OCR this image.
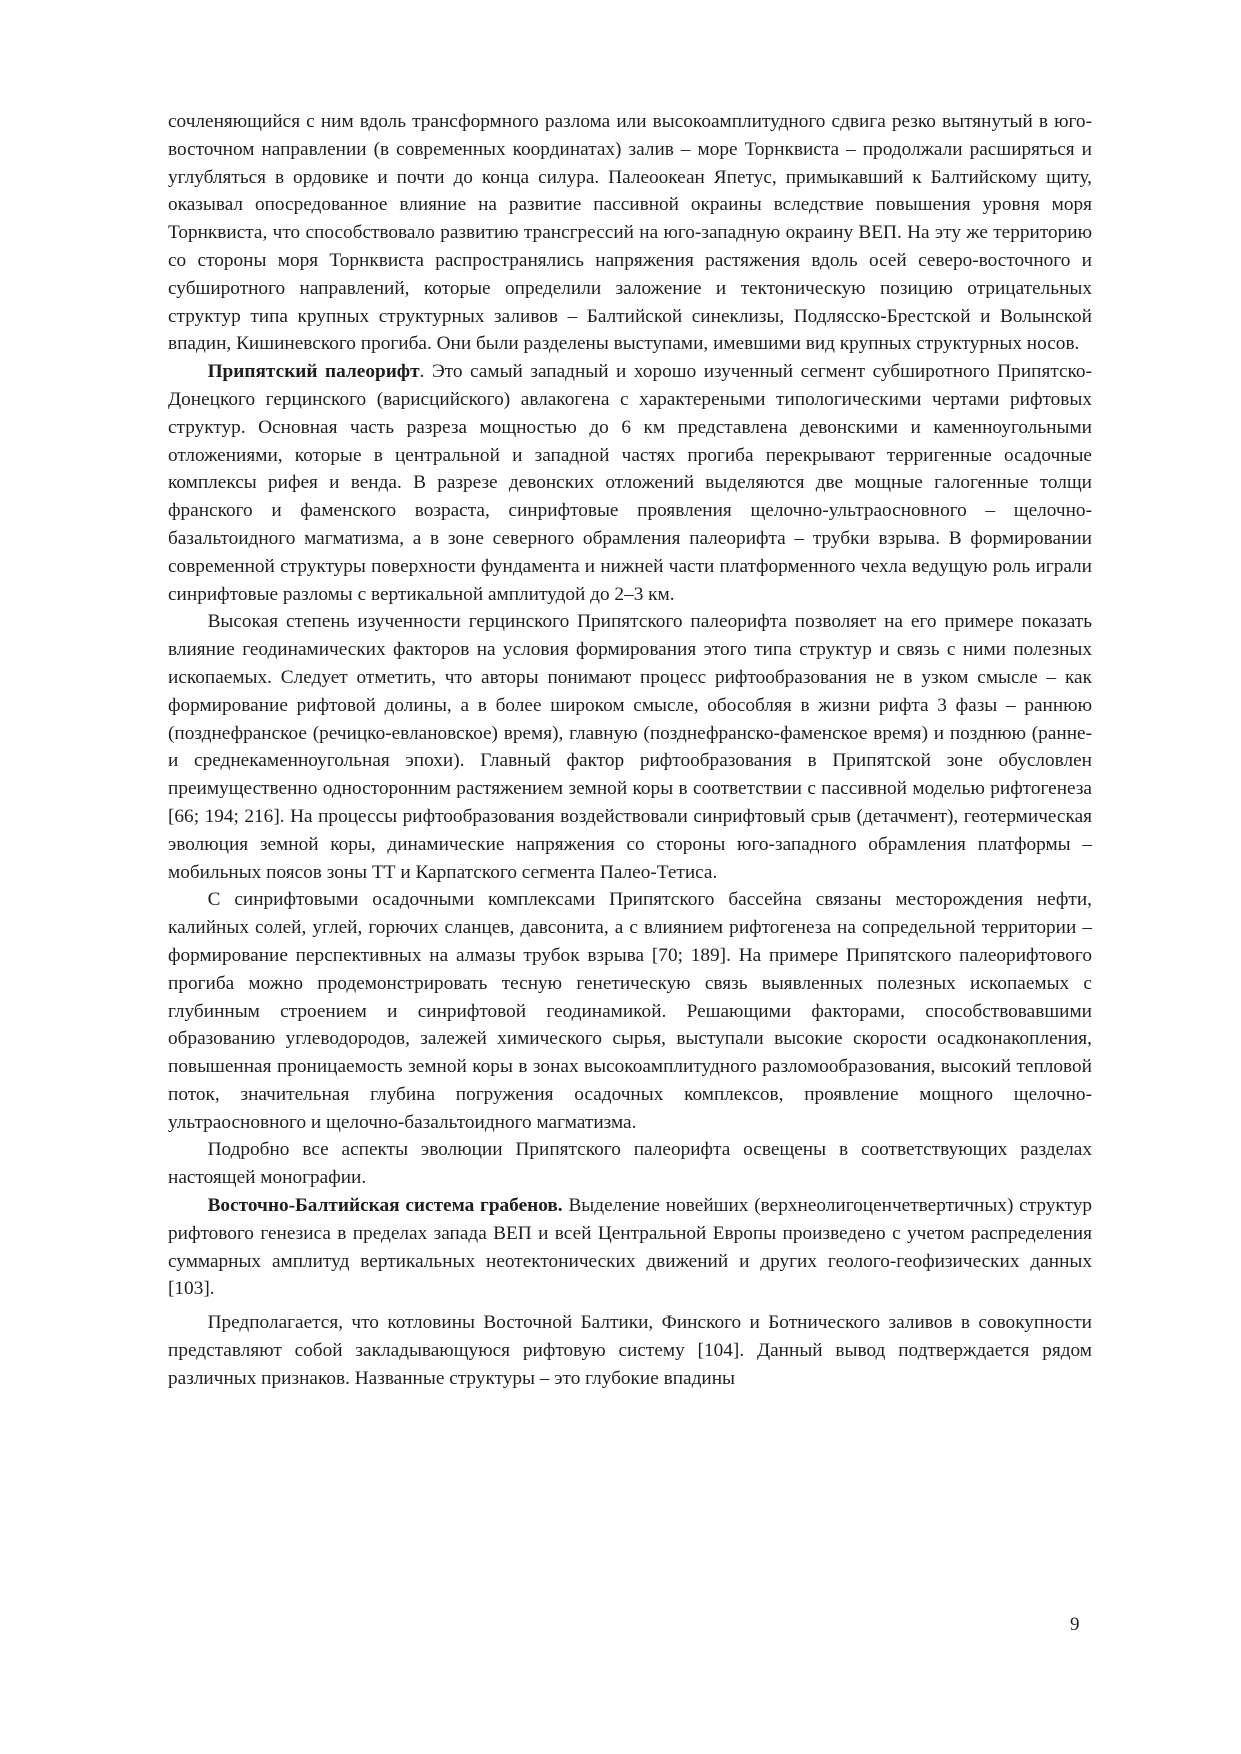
сочленяющийся с ним вдоль трансформного разлома или высокоамплитудного сдвига резко вытянутый в юго-восточном направлении (в современных координатах) залив – море Торнквиста – продолжали расширяться и углубляться в ордовике и почти до конца силура. Палеоокеан Япетус, примыкавший к Балтийскому щиту, оказывал опосредованное влияние на развитие пассивной окраины вследствие повышения уровня моря Торнквиста, что способствовало развитию трансгрессий на юго-западную окраину ВЕП. На эту же территорию со стороны моря Торнквиста распространялись напряжения растяжения вдоль осей северо-восточного и субширотного направлений, которые определили заложение и тектоническую позицию отрицательных структур типа крупных структурных заливов – Балтийской синеклизы, Подлясско-Брестской и Волынской впадин, Кишиневского прогиба. Они были разделены выступами, имевшими вид крупных структурных носов.

Припятский палеорифт. Это самый западный и хорошо изученный сегмент субширотного Припятско-Донецкого герцинского (варисцийского) авлакогена с характереными типологическими чертами рифтовых структур. Основная часть разреза мощностью до 6 км представлена девонскими и каменноугольными отложениями, которые в центральной и западной частях прогиба перекрывают терригенные осадочные комплексы рифея и венда. В разрезе девонских отложений выделяются две мощные галогенные толщи франского и фаменского возраста, синрифтовые проявления щелочно-ультраосновного – щелочно-базальтоидного магматизма, а в зоне северного обрамления палеорифта – трубки взрыва. В формировании современной структуры поверхности фундамента и нижней части платформенного чехла ведущую роль играли синрифтовые разломы с вертикальной амплитудой до 2–3 км.

Высокая степень изученности герцинского Припятского палеорифта позволяет на его примере показать влияние геодинамических факторов на условия формирования этого типа структур и связь с ними полезных ископаемых. Следует отметить, что авторы понимают процесс рифтообразования не в узком смысле – как формирование рифтовой долины, а в более широком смысле, обособляя в жизни рифта 3 фазы – раннюю (позднефранское (речицко-евлановское) время), главную (позднефранско-фаменское время) и позднюю (ранне- и среднекаменноугольная эпохи). Главный фактор рифтообразования в Припятской зоне обусловлен преимущественно односторонним растяжением земной коры в соответствии с пассивной моделью рифтогенеза [66; 194; 216]. На процессы рифтообразования воздействовали синрифтовый срыв (детачмент), геотермическая эволюция земной коры, динамические напряжения со стороны юго-западного обрамления платформы – мобильных поясов зоны ТТ и Карпатского сегмента Палео-Тетиса.

С синрифтовыми осадочными комплексами Припятского бассейна связаны месторождения нефти, калийных солей, углей, горючих сланцев, давсонита, а с влиянием рифтогенеза на сопредельной территории – формирование перспективных на алмазы трубок взрыва [70; 189]. На примере Припятского палеорифтового прогиба можно продемонстрировать тесную генетическую связь выявленных полезных ископаемых с глубинным строением и синрифтовой геодинамикой. Решающими факторами, способствовавшими образованию углеводородов, залежей химического сырья, выступали высокие скорости осадконакопления, повышенная проницаемость земной коры в зонах высокоамплитудного разломообразования, высокий тепловой поток, значительная глубина погружения осадочных комплексов, проявление мощного щелочно-ультраосновного и щелочно-базальтоидного магматизма.

Подробно все аспекты эволюции Припятского палеорифта освещены в соответствующих разделах настоящей монографии.

Восточно-Балтийская система грабенов. Выделение новейших (верхнеолигоценчетвертичных) структур рифтового генезиса в пределах запада ВЕП и всей Центральной Европы произведено с учетом распределения суммарных амплитуд вертикальных неотектонических движений и других геолого-геофизических данных [103].

Предполагается, что котловины Восточной Балтики, Финского и Ботнического заливов в совокупности представляют собой закладывающуюся рифтовую систему [104]. Данный вывод подтверждается рядом различных признаков. Названные структуры – это глубокие впадины

9
